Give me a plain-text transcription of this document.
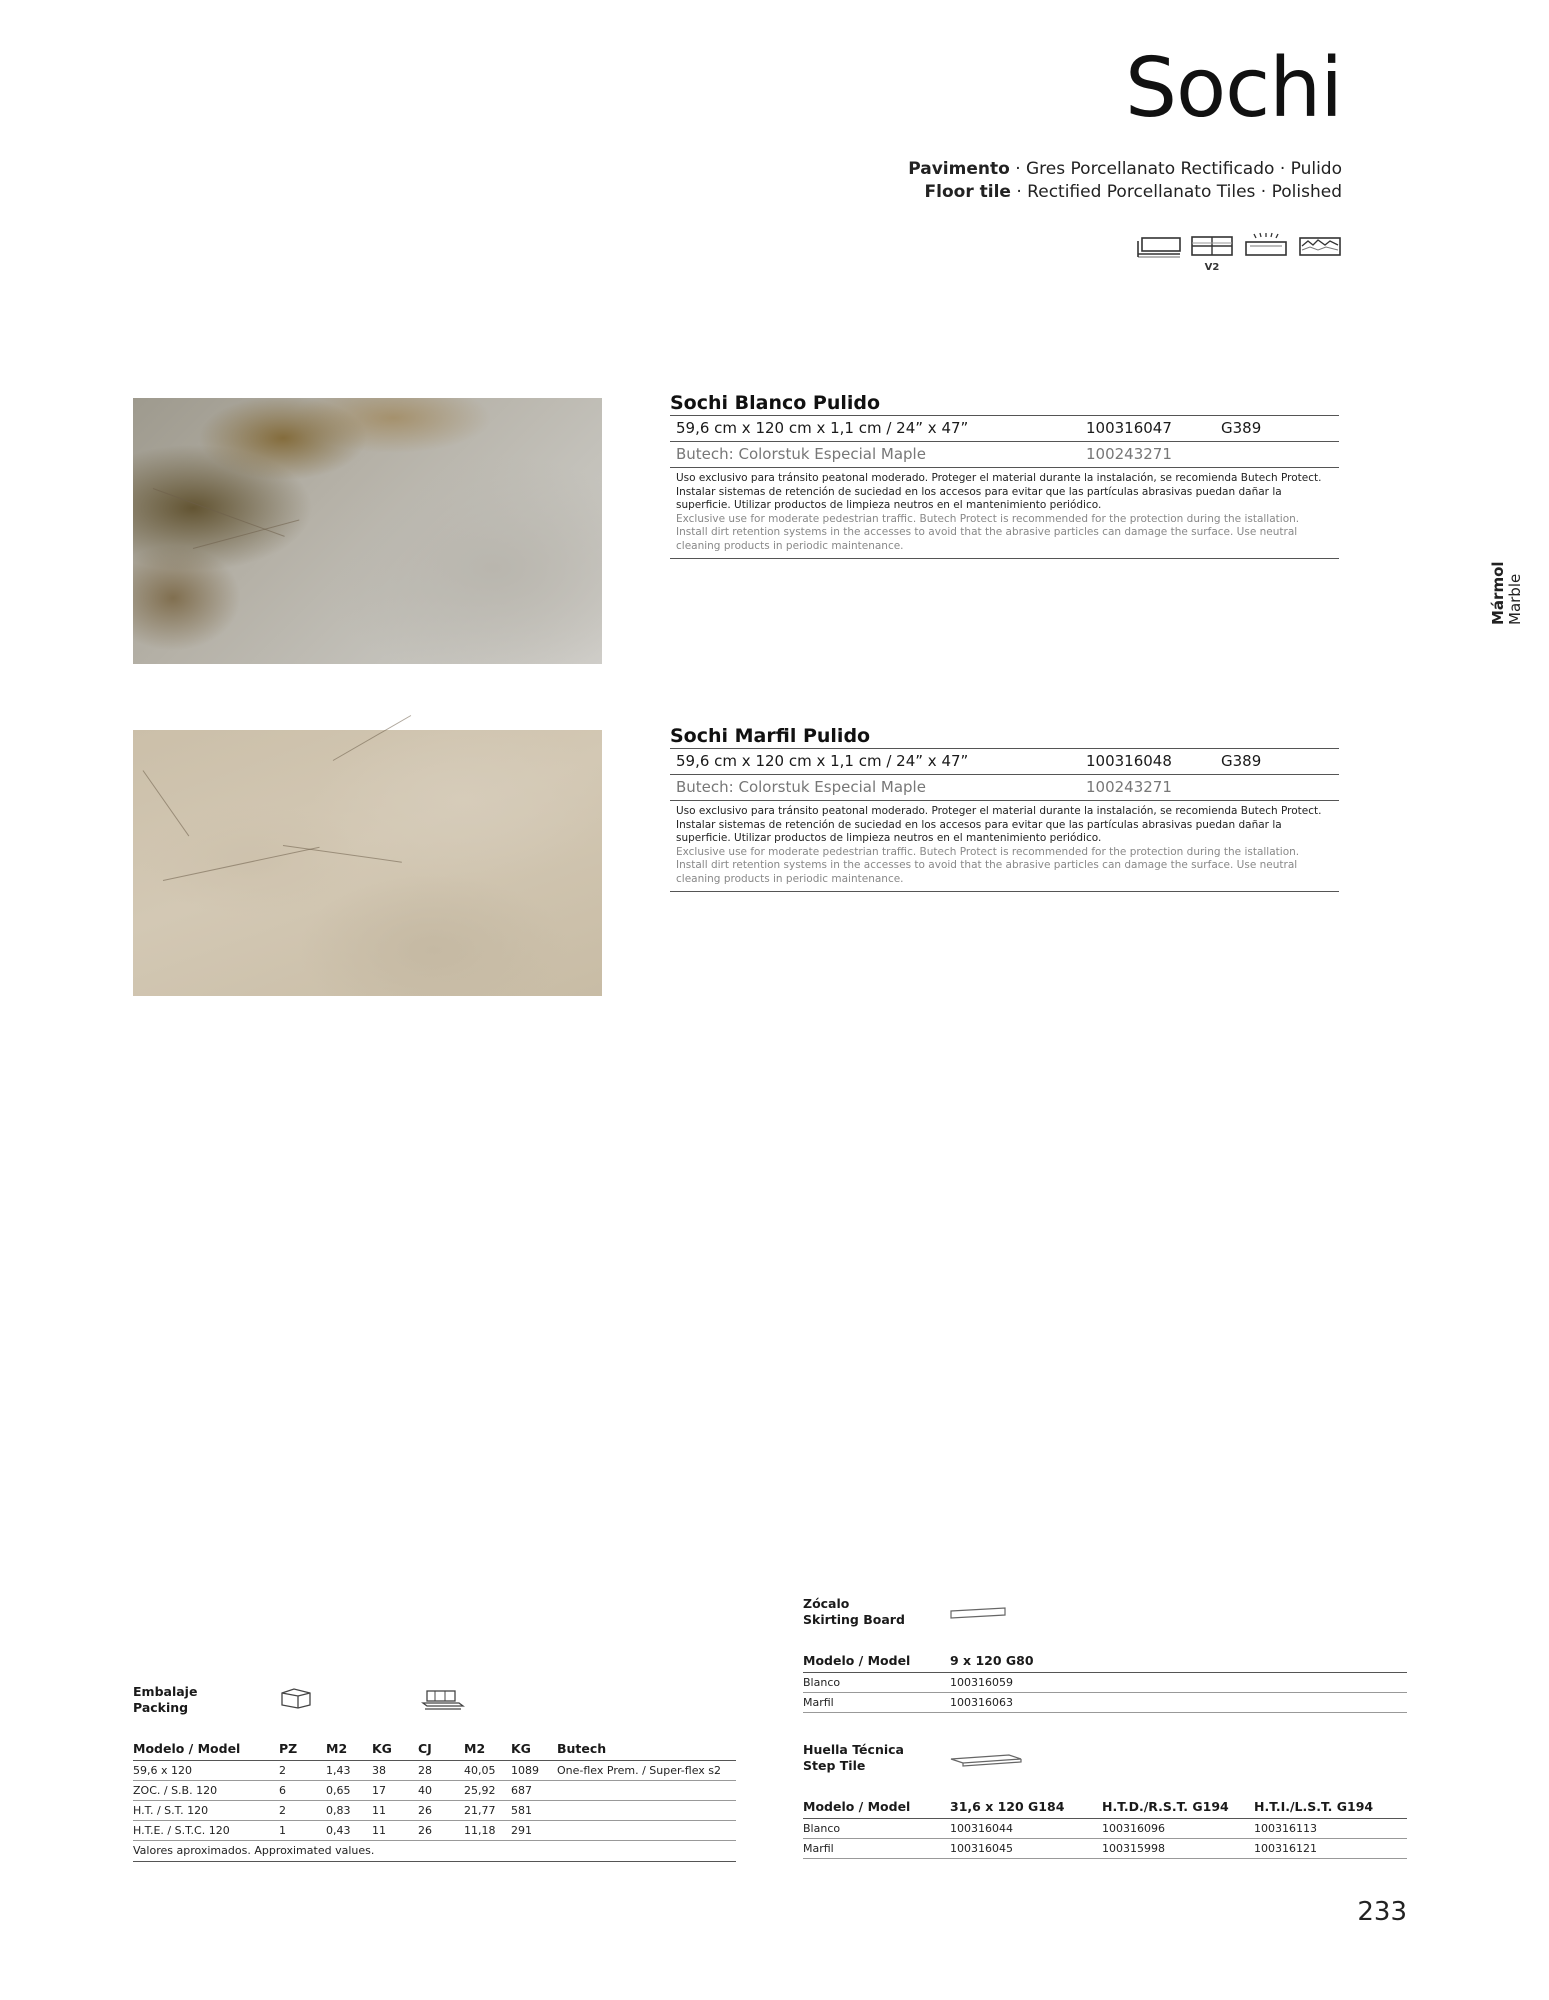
Sochi
Pavimento · Gres Porcellanato Rectificado · Pulido
Floor tile · Rectified Porcellanato Tiles · Polished
V2
Sochi Blanco Pulido
59,6 cm x 120 cm x 1,1 cm / 24” x 47”	100316047	G389
Butech: Colorstuk Especial Maple	100243271
Uso exclusivo para tránsito peatonal moderado. Proteger el material durante la instalación, se recomienda Butech Protect. Instalar sistemas de retención de suciedad en los accesos para evitar que las partículas abrasivas puedan dañar la superficie. Utilizar productos de limpieza neutros en el mantenimiento periódico.
Exclusive use for moderate pedestrian traffic. Butech Protect is recommended for the protection during the istallation. Install dirt retention systems in the accesses to avoid that the abrasive particles can damage the surface. Use neutral cleaning products in periodic maintenance.
Sochi Marfil Pulido
59,6 cm x 120 cm x 1,1 cm / 24” x 47”	100316048	G389
Butech: Colorstuk Especial Maple	100243271
Uso exclusivo para tránsito peatonal moderado. Proteger el material durante la instalación, se recomienda Butech Protect. Instalar sistemas de retención de suciedad en los accesos para evitar que las partículas abrasivas puedan dañar la superficie. Utilizar productos de limpieza neutros en el mantenimiento periódico.
Exclusive use for moderate pedestrian traffic. Butech Protect is recommended for the protection during the istallation. Install dirt retention systems in the accesses to avoid that the abrasive particles can damage the surface. Use neutral cleaning products in periodic maintenance.
Mármol Marble
Embalaje
Packing
Modelo / Model	PZ	M2	KG	CJ	M2	KG	Butech
59,6 x 120	2	1,43	38	28	40,05	1089	One-flex Prem. / Super-flex s2
ZOC. / S.B. 120	6	0,65	17	40	25,92	687	
H.T. / S.T. 120	2	0,83	11	26	21,77	581	
H.T.E. / S.T.C. 120	1	0,43	11	26	11,18	291	
Valores aproximados. Approximated values.
Zócalo
Skirting Board
Modelo / Model	9 x 120 G80
Blanco	100316059
Marfil	100316063
Huella Técnica
Step Tile
Modelo / Model	31,6 x 120 G184	H.T.D./R.S.T. G194	H.T.I./L.S.T. G194
Blanco	100316044	100316096	100316113
Marfil	100316045	100315998	100316121
233
